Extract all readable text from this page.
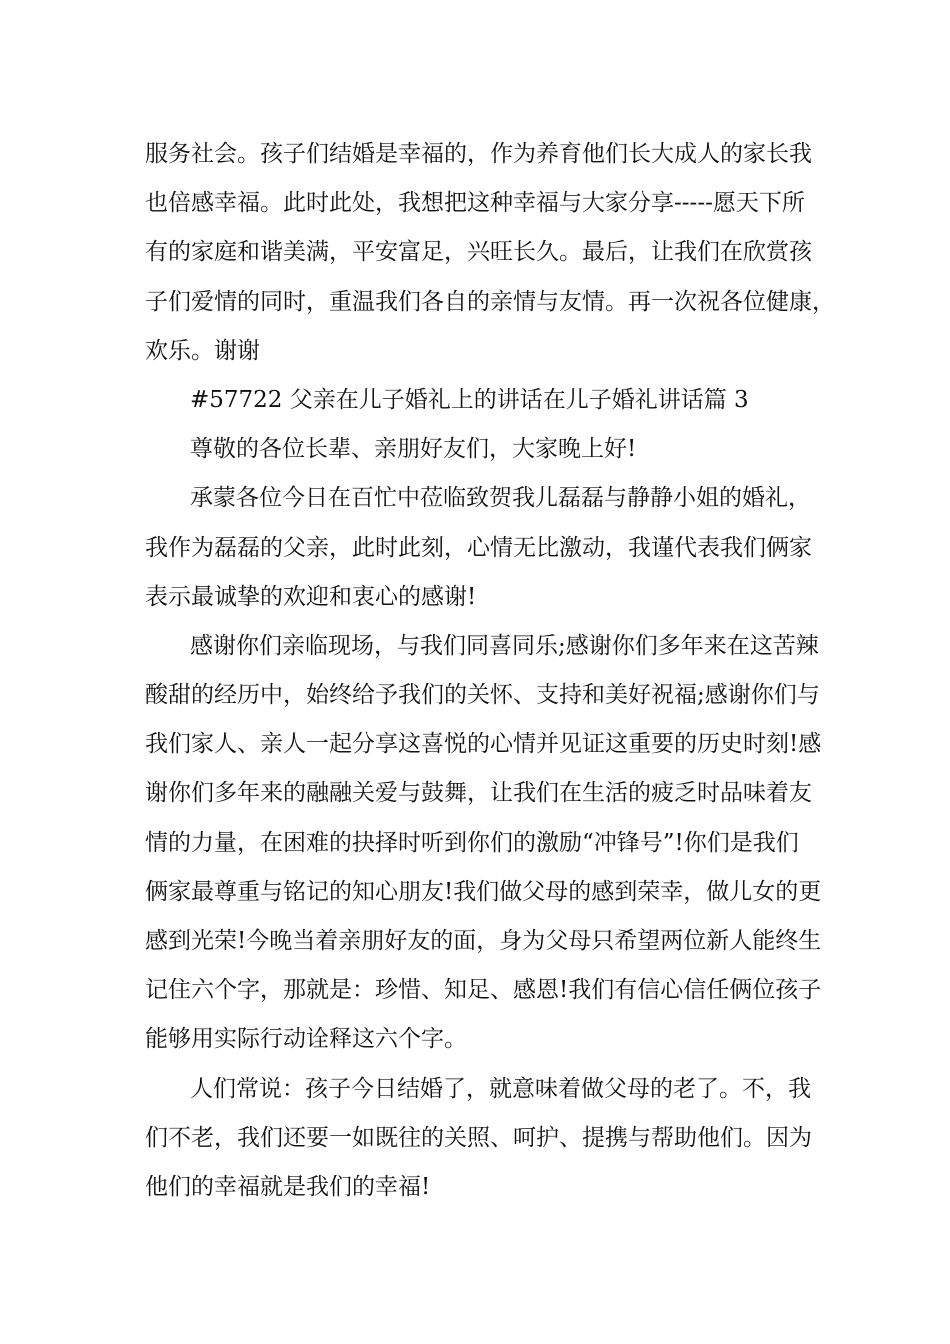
服务社会。孩子们结婚是幸福的，作为养育他们长大成人的家长我
也倍感幸福。此时此处，我想把这种幸福与大家分享-----愿天下所
有的家庭和谐美满，平安富足，兴旺长久。最后，让我们在欣赏孩
子们爱情的同时，重温我们各自的亲情与友情。再一次祝各位健康，
欢乐。谢谢
#57722 父亲在儿子婚礼上的讲话在儿子婚礼讲话篇 3
尊敬的各位长辈、亲朋好友们，大家晚上好!
承蒙各位今日在百忙中莅临致贺我儿磊磊与静静小姐的婚礼，
我作为磊磊的父亲，此时此刻，心情无比激动，我谨代表我们俩家
表示最诚挚的欢迎和衷心的感谢!
感谢你们亲临现场，与我们同喜同乐;感谢你们多年来在这苦辣
酸甜的经历中，始终给予我们的关怀、支持和美好祝福;感谢你们与
我们家人、亲人一起分享这喜悦的心情并见证这重要的历史时刻!感
谢你们多年来的融融关爱与鼓舞，让我们在生活的疲乏时品味着友
情的力量，在困难的抉择时听到你们的激励“冲锋号”!你们是我们
俩家最尊重与铭记的知心朋友!我们做父母的感到荣幸，做儿女的更
感到光荣!今晚当着亲朋好友的面，身为父母只希望两位新人能终生
记住六个字，那就是：珍惜、知足、感恩!我们有信心信任俩位孩子
能够用实际行动诠释这六个字。
人们常说：孩子今日结婚了，就意味着做父母的老了。不，我
们不老，我们还要一如既往的关照、呵护、提携与帮助他们。因为
他们的幸福就是我们的幸福!
